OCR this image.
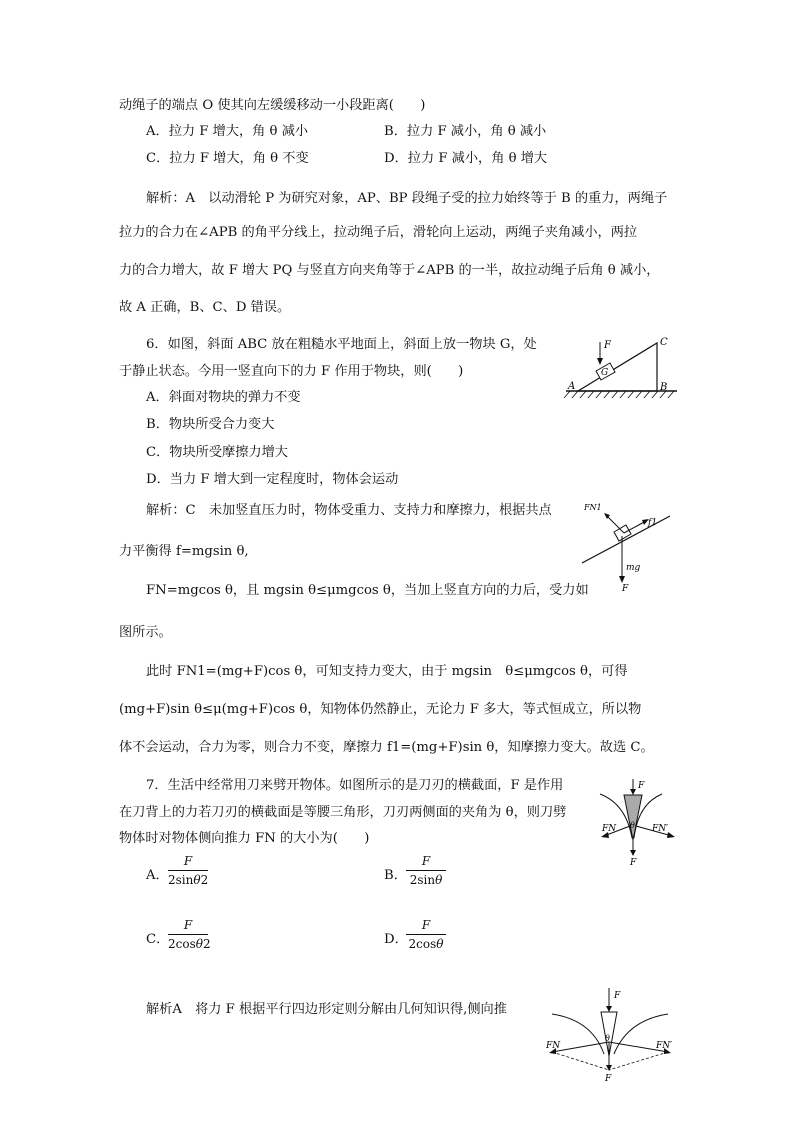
动绳子的端点 O 使其向左缓缓移动一小段距离(　　)
A．拉力 F 增大，角 θ 减小	B．拉力 F 减小，角 θ 减小
C．拉力 F 增大，角 θ 不变	D．拉力 F 减小，角 θ 增大
解析：A　以动滑轮 P 为研究对象，AP、BP 段绳子受的拉力始终等于 B 的重力，两绳子
拉力的合力在∠APB 的角平分线上，拉动绳子后，滑轮向上运动，两绳子夹角减小，两拉
力的合力增大，故 F 增大 PQ 与竖直方向夹角等于∠APB 的一半，故拉动绳子后角 θ 减小，
故 A 正确，B、C、D 错误。
6．如图，斜面 ABC 放在粗糙水平地面上，斜面上放一物块 G，处
于静止状态。今用一竖直向下的力 F 作用于物块，则(　　)
A．斜面对物块的弹力不变
B．物块所受合力变大
C．物块所受摩擦力增大
D．当力 F 增大到一定程度时，物体会运动
F
G
A	B
C
解析：C　未加竖直压力时，物体受重力、支持力和摩擦力，根据共点
力平衡得 f=mgsin θ,
FN1
f1
mg
F
FN=mgcos θ，且 mgsin θ≤μmgcos θ，当加上竖直方向的力后，受力如
图所示。
此时 FN1=(mg+F)cos θ，可知支持力变大，由于 mgsin　θ≤μmgcos θ，可得
(mg+F)sin θ≤μ(mg+F)cos θ，知物体仍然静止，无论力 F 多大，等式恒成立，所以物
体不会运动，合力为零，则合力不变，摩擦力 f1=(mg+F)sin θ，知摩擦力变大。故选 C。
7．生活中经常用刀来劈开物体。如图所示的是刀刃的横截面，F 是作用
在刀背上的力若刀刃的横截面是等腰三角形，刀刃两侧面的夹角为 θ，则刀劈
物体时对物体侧向推力 FN 的大小为(　　)
F
θ
FN	FN′
F
A．
F
2sinθ2	B．
F
2sinθ
C．
F
2cosθ2	D．
F
2cosθ
解析A　将力 F 根据平行四边形定则分解由几何知识得,侧向推
F
θ
FN	FN′
F
